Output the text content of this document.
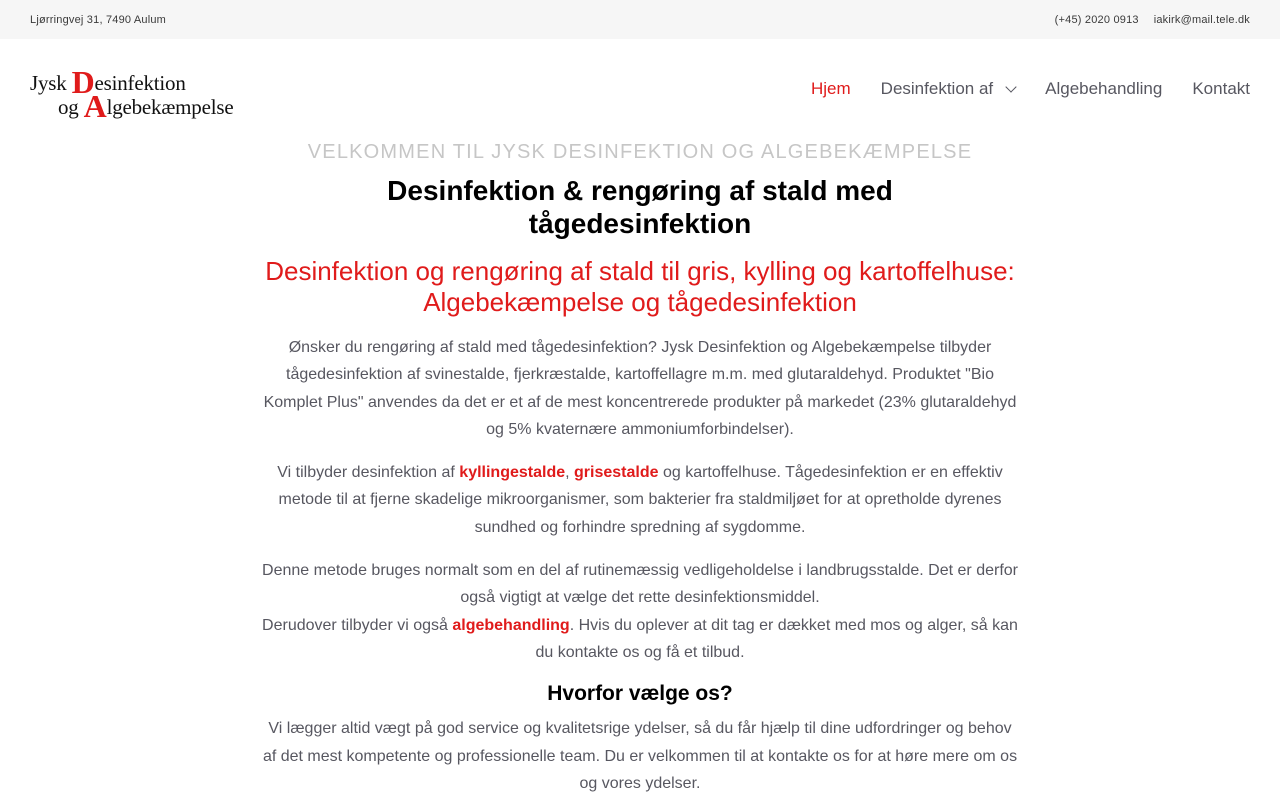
Ljørringvej 31, 7490 Aulum	(+45) 2020 0913 iakirk@mail.tele.dk
Jysk Desinfektion
og Algebekæmpelse
Hjem Desinfektion af	Algebehandling Kontakt
VELKOMMEN TIL JYSK DESINFEKTION OG ALGEBEKÆMPELSE
Desinfektion & rengøring af stald med tågedesinfektion
Desinfektion og rengøring af stald til gris, kylling og kartoffelhuse: Algebekæmpelse og tågedesinfektion

Ønsker du rengøring af stald med tågedesinfektion? Jysk Desinfektion og Algebekæmpelse tilbyder tågedesinfektion af svinestalde, fjerkræstalde, kartoffellagre m.m. med glutaraldehyd. Produktet "Bio Komplet Plus" anvendes da det er et af de mest koncentrerede produkter på markedet (23% glutaraldehyd og 5% kvaternære ammoniumforbindelser).

Vi tilbyder desinfektion af kyllingestalde, grisestalde og kartoffelhuse. Tågedesinfektion er en effektiv metode til at fjerne skadelige mikroorganismer, som bakterier fra staldmiljøet for at opretholde dyrenes sundhed og forhindre spredning af sygdomme.

Denne metode bruges normalt som en del af rutinemæssig vedligeholdelse i landbrugsstalde. Det er derfor også vigtigt at vælge det rette desinfektionsmiddel.

Derudover tilbyder vi også algebehandling. Hvis du oplever at dit tag er dækket med mos og alger, så kan du kontakte os og få et tilbud.

Hvorfor vælge os?

Vi lægger altid vægt på god service og kvalitetsrige ydelser, så du får hjælp til dine udfordringer og behov af det mest kompetente og professionelle team. Du er velkommen til at kontakte os for at høre mere om os og vores ydelser.
